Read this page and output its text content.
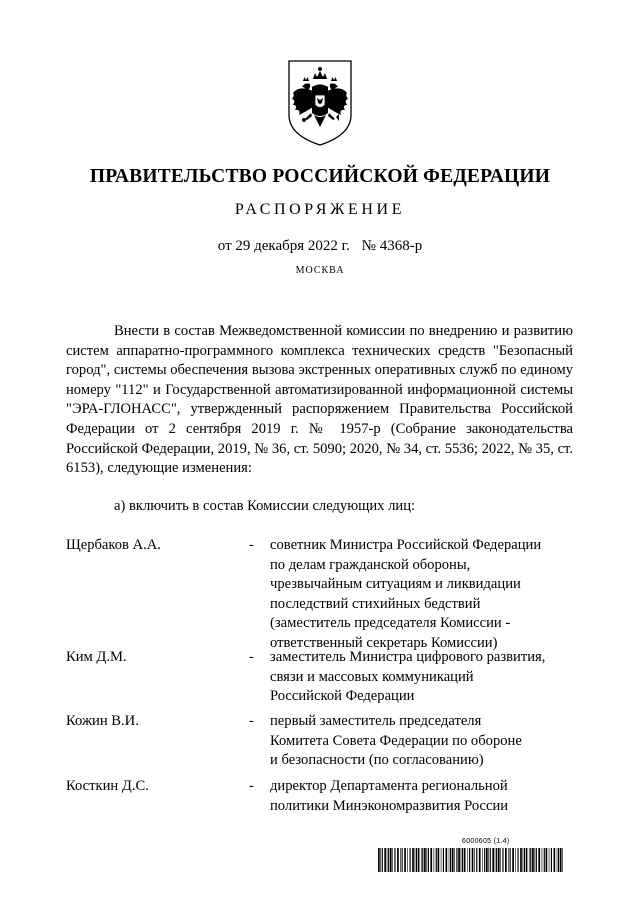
ПРАВИТЕЛЬСТВО РОССИЙСКОЙ ФЕДЕРАЦИИ
РАСПОРЯЖЕНИЕ
от 29 декабря 2022 г. № 4368-р
МОСКВА

Внести в состав Межведомственной комиссии по внедрению и развитию систем аппаратно-программного комплекса технических средств "Безопасный город", системы обеспечения вызова экстренных оперативных служб по единому номеру "112" и Государственной автоматизированной информационной системы "ЭРА-ГЛОНАСС", утвержденный распоряжением Правительства Российской Федерации от 2 сентября 2019 г. № 1957-р (Собрание законодательства Российской Федерации, 2019, № 36, ст. 5090; 2020, № 34, ст. 5536; 2022, № 35, ст. 6153), следующие изменения:

а) включить в состав Комиссии следующих лиц:
Щербаков А.А.	- советник Министра Российской Федерации
по делам гражданской обороны,
чрезвычайным ситуациям и ликвидации
последствий стихийных бедствий
(заместитель председателя Комиссии -
ответственный секретарь Комиссии)
Ким Д.М.	- заместитель Министра цифрового развития,
связи и массовых коммуникаций
Российской Федерации
Кожин В.И.	- первый заместитель председателя
Комитета Совета Федерации по обороне
и безопасности (по согласованию)
Косткин Д.С.	- директор Департамента региональной
политики Минэкономразвития России
6000605 (1.4)
